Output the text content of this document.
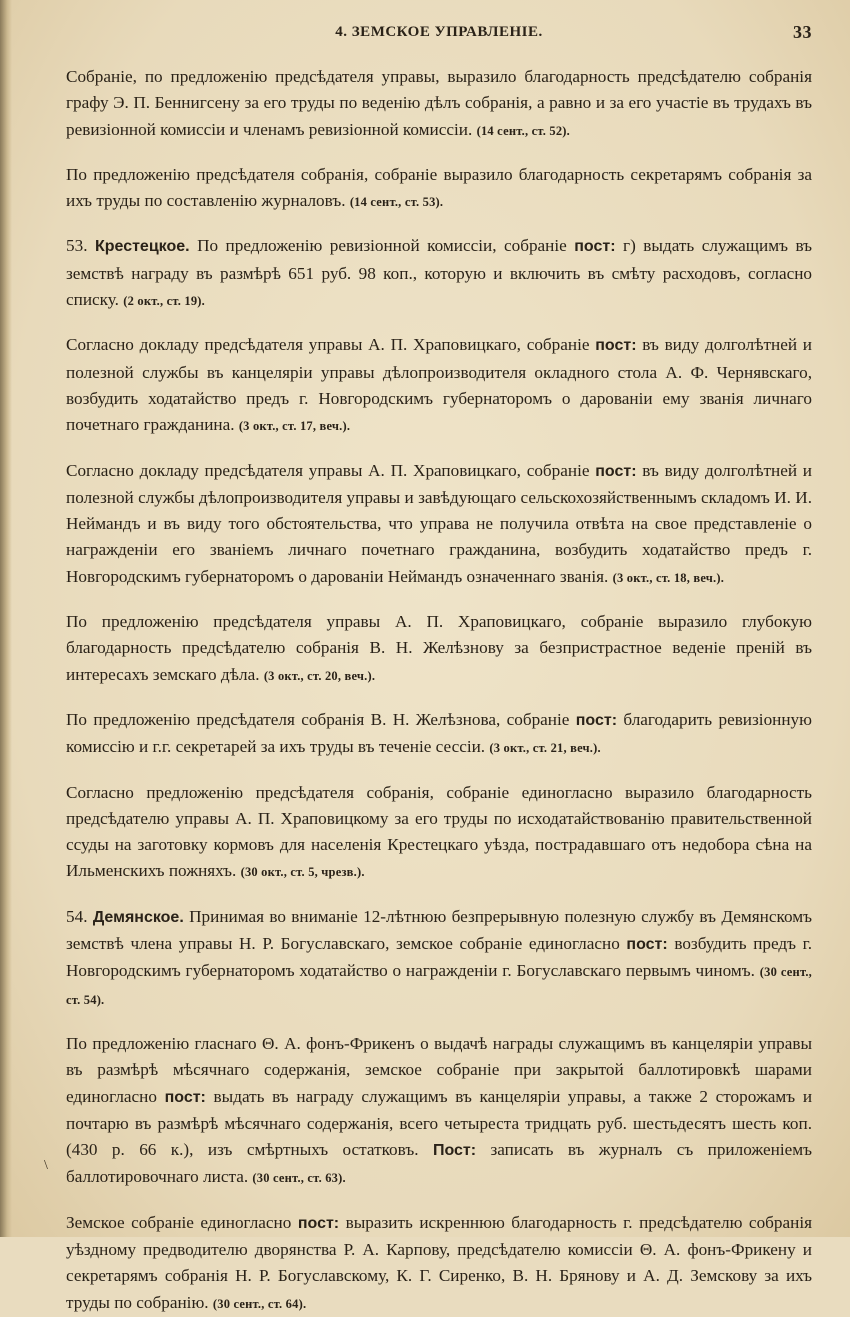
4. ЗЕМСКОЕ УПРАВЛЕНІЕ.	33

Собраніе, по предложенію предсѣдателя управы, выразило благодарность предсѣдателю собранія графу Э. П. Беннигсену за его труды по веденію дѣлъ собранія, а равно и за его участіе въ трудахъ въ ревизіонной комиссіи и членамъ ревизіонной комиссіи. (14 сент., ст. 52).

По предложенію предсѣдателя собранія, собраніе выразило благодарность секретарямъ собранія за ихъ труды по составленію журналовъ. (14 сент., ст. 53).

53. Крестецкое. По предложенію ревизіонной комиссіи, собраніе пост: г) выдать служащимъ въ земствѣ награду въ размѣрѣ 651 руб. 98 коп., которую и включить въ смѣту расходовъ, согласно списку. (2 окт., ст. 19).

Согласно докладу предсѣдателя управы А. П. Храповицкаго, собраніе пост: въ виду долголѣтней и полезной службы въ канцеляріи управы дѣлопроизводителя окладного стола А. Ф. Чернявскаго, возбудить ходатайство предъ г. Новгородскимъ губернаторомъ о дарованіи ему званія личнаго почетнаго гражданина. (3 окт., ст. 17, веч.).

Согласно докладу предсѣдателя управы А. П. Храповицкаго, собраніе пост: въ виду долголѣтней и полезной службы дѣлопроизводителя управы и завѣдующаго сельскохозяйственнымъ складомъ И. И. Неймандъ и въ виду того обстоятельства, что управа не получила отвѣта на свое представленіе о награжденіи его званіемъ личнаго почетнаго гражданина, возбудить ходатайство предъ г. Новгородскимъ губернаторомъ о дарованіи Неймандъ означеннаго званія. (3 окт., ст. 18, веч.).

По предложенію предсѣдателя управы А. П. Храповицкаго, собраніе выразило глубокую благодарность предсѣдателю собранія В. Н. Желѣзнову за безпристрастное веденіе преній въ интересахъ земскаго дѣла. (3 окт., ст. 20, веч.).

По предложенію предсѣдателя собранія В. Н. Желѣзнова, собраніе пост: благодарить ревизіонную комиссію и г.г. секретарей за ихъ труды въ теченіе сессіи. (3 окт., ст. 21, веч.).

Согласно предложенію предсѣдателя собранія, собраніе единогласно выразило благодарность предсѣдателю управы А. П. Храповицкому за его труды по исходатайствованію правительственной ссуды на заготовку кормовъ для населенія Крестецкаго уѣзда, пострадавшаго отъ недобора сѣна на Ильменскихъ пожняхъ. (30 окт., ст. 5, чрезв.).

54. Демянское. Принимая во вниманіе 12-лѣтнюю безпрерывную полезную службу въ Демянскомъ земствѣ члена управы Н. Р. Богуславскаго, земское собраніе единогласно пост: возбудить предъ г. Новгородскимъ губернаторомъ ходатайство о награжденіи г. Богуславскаго первымъ чиномъ. (30 сент., ст. 54).

По предложенію гласнаго Θ. А. фонъ-Фрикенъ о выдачѣ награды служащимъ въ канцеляріи управы въ размѣрѣ мѣсячнаго содержанія, земское собраніе при закрытой баллотировкѣ шарами единогласно пост: выдать въ награду служащимъ въ канцеляріи управы, а также 2 сторожамъ и почтарю въ размѣрѣ мѣсячнаго содержанія, всего четыреста тридцать руб. шестьдесятъ шесть коп. (430 р. 66 к.), изъ смѣртныхъ остатковъ. Пост: записать въ журналъ съ приложеніемъ баллотировочнаго листа. (30 сент., ст. 63).

Земское собраніе единогласно пост: выразить искреннюю благодарность г. предсѣдателю собранія уѣздному предводителю дворянства Р. А. Карпову, предсѣдателю комиссіи Θ. А. фонъ-Фрикену и секретарямъ собранія Н. Р. Богуславскому, К. Г. Сиренко, В. Н. Брянову и А. Д. Земскову за ихъ труды по собранію. (30 сент., ст. 64).

\
